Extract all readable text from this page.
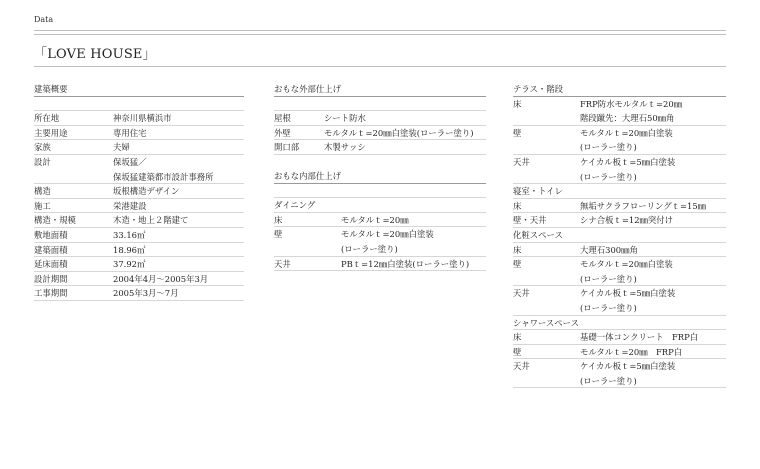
Data
「LOVE HOUSE」
建築概要
所在地	神奈川県横浜市
主要用途	専用住宅
家族	夫婦
設計	保坂猛／
保坂猛建築都市設計事務所
構造	坂根構造デザイン
施工	栄港建設
構造・規模	木造・地上２階建て
敷地面積	33.16㎡
建築面積	18.96㎡
延床面積	37.92㎡
設計期間	2004年4月〜2005年3月
工事期間	2005年3月〜7月
おもな外部仕上げ
屋根	シート防水
外壁	モルタルｔ=20㎜白塗装(ローラー塗り)
開口部	木製サッシ
おもな内部仕上げ
ダイニング
床	モルタルｔ=20㎜
壁	モルタルｔ=20㎜白塗装
(ローラー塗り)
天井	PBｔ=12㎜白塗装(ローラー塗り)
テラス・階段
床	FRP防水モルタルｔ=20㎜
階段蹴先：大理石50㎜角
壁	モルタルｔ=20㎜白塗装
(ローラー塗り)
天井	ケイカル板ｔ=5㎜白塗装
(ローラー塗り)
寝室・トイレ
床	無垢サクラフローリングｔ=15㎜
壁・天井	シナ合板ｔ=12㎜突付け
化粧スペース
床	大理石300㎜角
壁	モルタルｔ=20㎜白塗装
(ローラー塗り)
天井	ケイカル板ｔ=5㎜白塗装
(ローラー塗り)
シャワースペース
床	基礎一体コンクリート　FRP白
壁	モルタルｔ=20㎜　FRP白
天井	ケイカル板ｔ=5㎜白塗装
(ローラー塗り)
